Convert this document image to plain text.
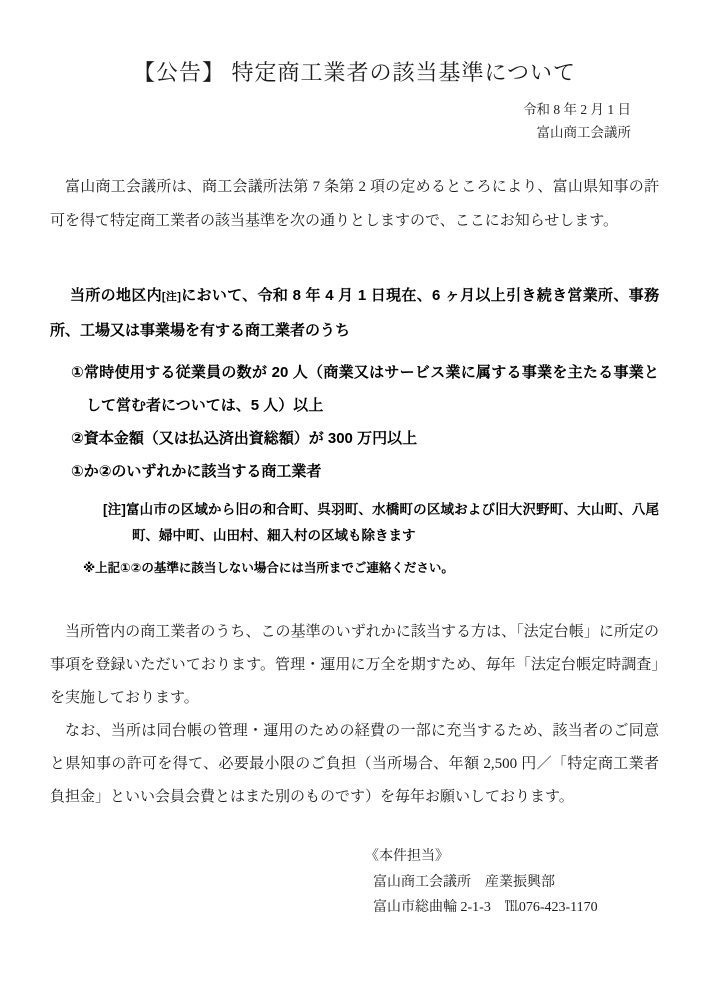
【公告】 特定商工業者の該当基準について
令和 8 年 2 月 1 日
富山商工会議所

富山商工会議所は、商工会議所法第 7 条第 2 項の定めるところにより、富山県知事の許可を得て特定商工業者の該当基準を次の通りとしますので、ここにお知らせします。

当所の地区内[注]において、令和 8 年 4 月 1 日現在、6 ヶ月以上引き続き営業所、事務所、工場又は事業場を有する商工業者のうち
①常時使用する従業員の数が 20 人（商業又はサービス業に属する事業を主たる事業として営む者については、5 人）以上
②資本金額（又は払込済出資総額）が 300 万円以上
①か②のいずれかに該当する商工業者
[注]富山市の区域から旧の和合町、呉羽町、水橋町の区域および旧大沢野町、大山町、八尾町、婦中町、山田村、細入村の区域も除きます
※上記①②の基準に該当しない場合には当所までご連絡ください。

当所管内の商工業者のうち、この基準のいずれかに該当する方は、「法定台帳」に所定の事項を登録いただいております。管理・運用に万全を期すため、毎年「法定台帳定時調査」を実施しております。

なお、当所は同台帳の管理・運用のための経費の一部に充当するため、該当者のご同意と県知事の許可を得て、必要最小限のご負担（当所場合、年額 2,500 円／「特定商工業者負担金」といい会員会費とはまた別のものです）を毎年お願いしております。

《本件担当》
富山商工会議所　産業振興部
富山市総曲輪 2-1-3　℡076-423-1170
